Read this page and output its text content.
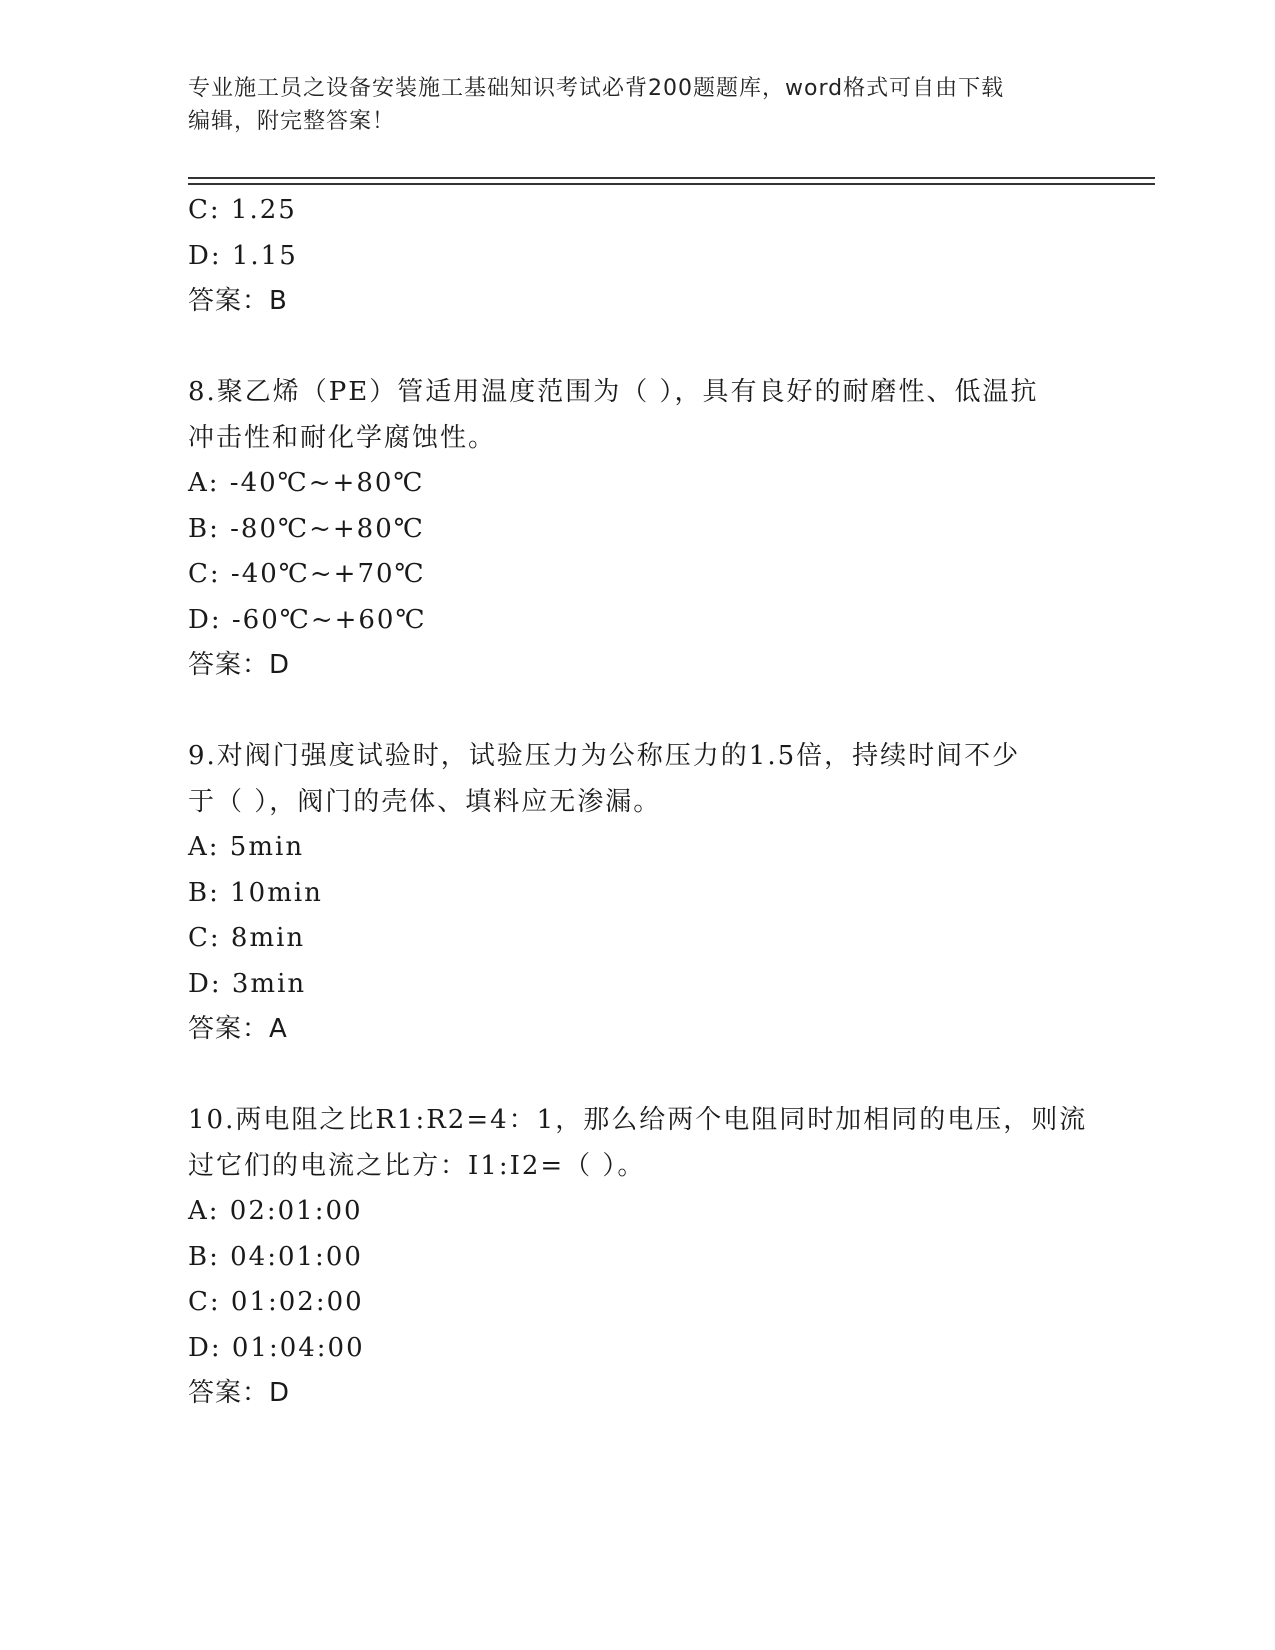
专业施工员之设备安装施工基础知识考试必背200题题库，word格式可自由下载
编辑，附完整答案！
C: 1.25
D: 1.15
答案：B
8.聚乙烯（PE）管适用温度范围为（ ），具有良好的耐磨性、低温抗
冲击性和耐化学腐蚀性。
A: -40℃~+80℃
B: -80℃~+80℃
C: -40℃~+70℃
D: -60℃~+60℃
答案：D
9.对阀门强度试验时，试验压力为公称压力的1.5倍，持续时间不少
于（ ），阀门的壳体、填料应无渗漏。
A: 5min
B: 10min
C: 8min
D: 3min
答案：A
10.两电阻之比R1:R2=4：1，那么给两个电阻同时加相同的电压，则流
过它们的电流之比方：I1:I2=（ ）。
A: 02:01:00
B: 04:01:00
C: 01:02:00
D: 01:04:00
答案：D
